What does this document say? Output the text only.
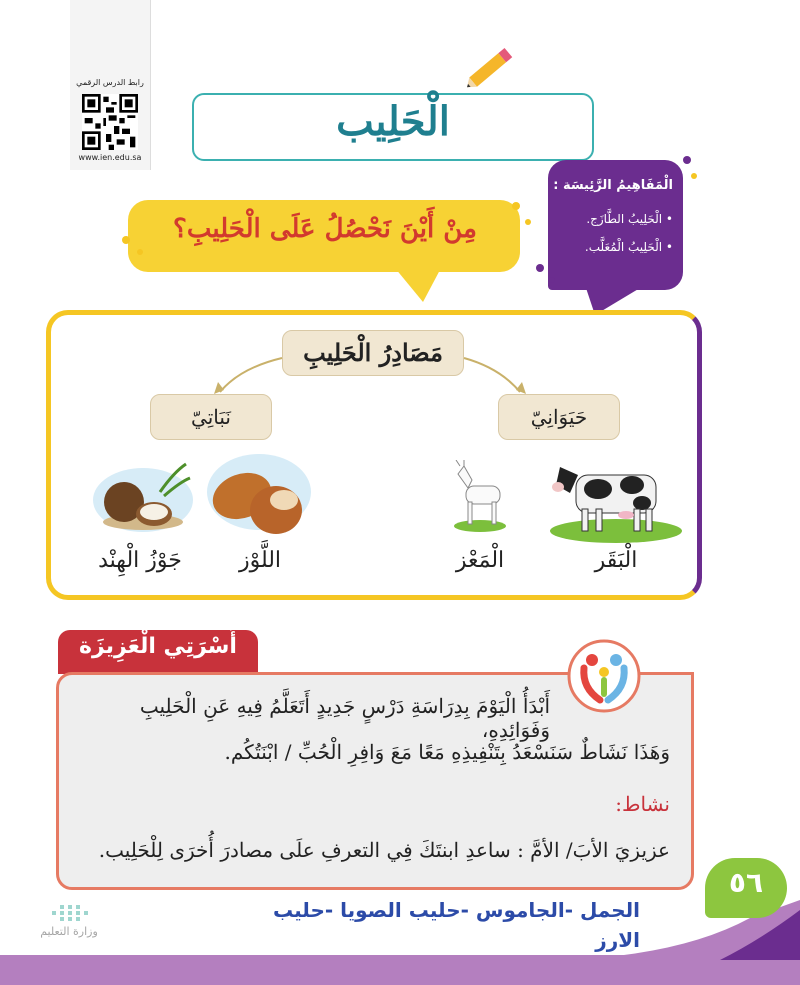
رابط الدرس الرقمي
www.ien.edu.sa
الْحَلِيب
الْمَفَاهِيمُ الرَّئِيسَة :
• الْحَلِيبُ الطَّازَج.
• الْحَلِيبُ الْمُعَلَّب.
مِنْ أَيْنَ نَحْصُلُ عَلَى الْحَلِيبِ؟
مَصَادِرُ الْحَلِيبِ
نَبَاتِيّ	حَيَوَانِيّ
الْبَقَر
الْمَعْز
اللَّوْز
جَوْزُ الْهِنْد
أُسْرَتِي الْعَزِيزَة
أَبْدَأُ الْيَوْمَ بِدِرَاسَةِ دَرْسٍ جَدِيدٍ أَتَعَلَّمُ فِيهِ عَنِ الْحَلِيبِ وَفَوَائِدِهِ،
وَهَذَا نَشَاطٌ سَنَسْعَدُ بِتَنْفِيذِهِ مَعًا مَعَ وَافِرِ الْحُبِّ / ابْنَتُكُم.
نشاط:
عزيزيَ الأبَ/ الأمَّ : ساعدِ ابنتَكَ فِي التعرفِ علَى مصادرَ أُخرَى لِلْحَلِيب.
٥٦
الجمل -الجاموس -حليب الصويا -حليب
الارز
وزارة التعليم
